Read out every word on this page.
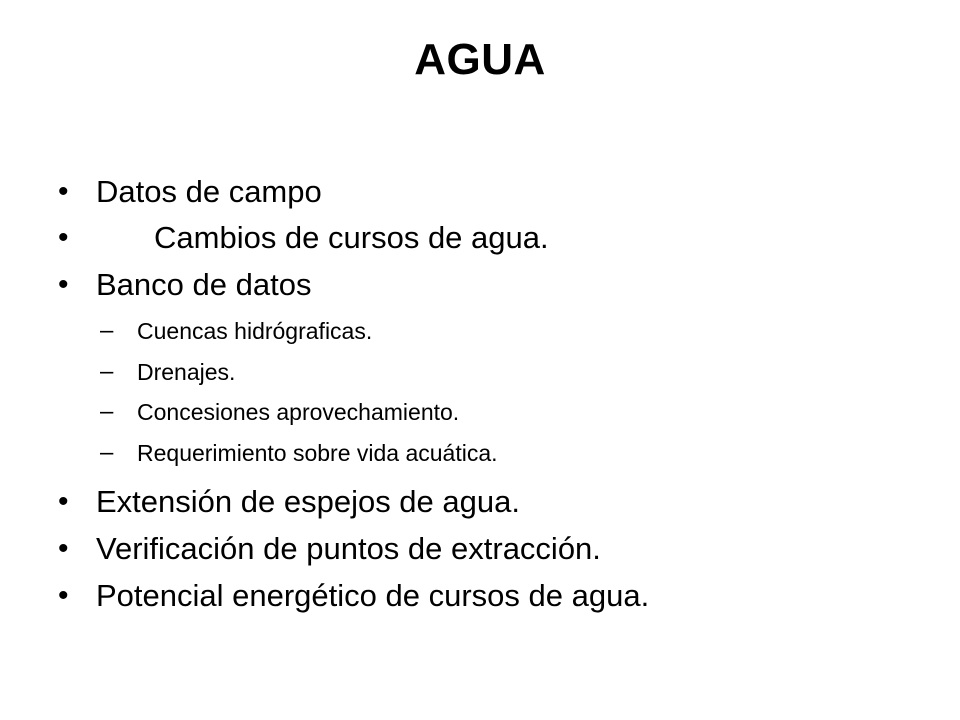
AGUA
• Datos de campo
•	Cambios de cursos de agua.
• Banco de datos
– Cuencas hidrógraficas.
– Drenajes.
– Concesiones aprovechamiento.
– Requerimiento sobre vida acuática.
• Extensión de espejos de agua.
• Verificación de puntos de extracción.
• Potencial energético de cursos de agua.
